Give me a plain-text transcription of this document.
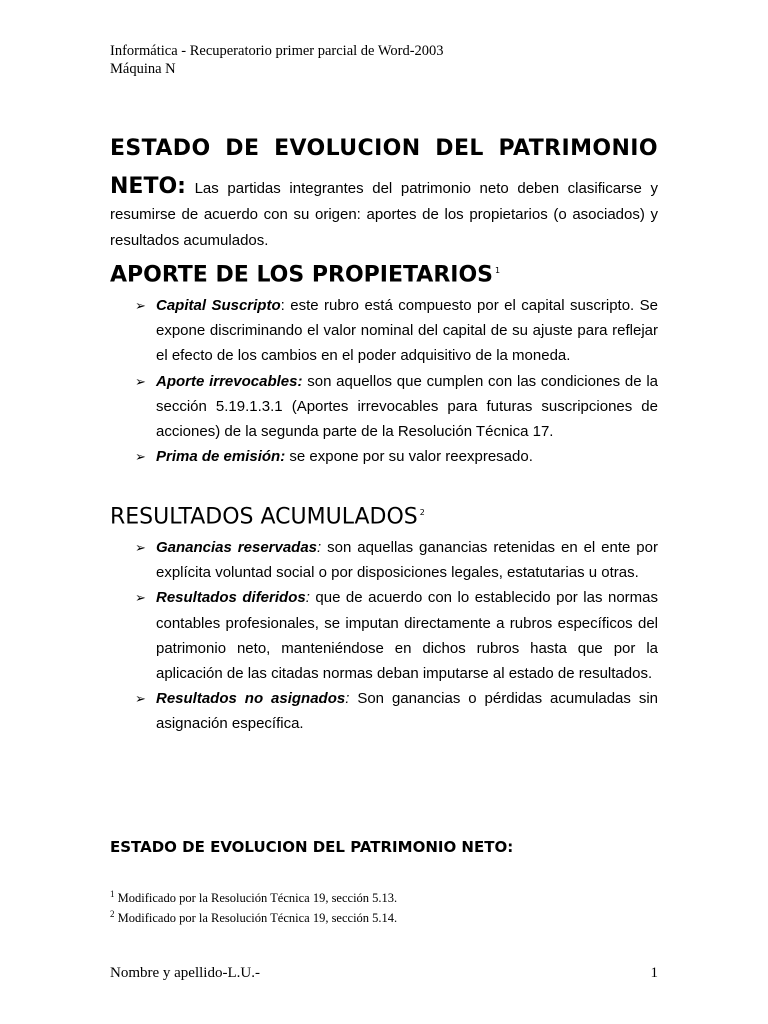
Informática - Recuperatorio primer parcial de Word-2003
Máquina N
ESTADO DE EVOLUCION DEL PATRIMONIO
NETO: Las partidas integrantes del patrimonio neto deben clasificarse y resumirse de acuerdo con su origen: aportes de los propietarios (o asociados) y resultados acumulados.
APORTE DE LOS PROPIETARIOS $^1$
➢ Capital Suscripto: este rubro está compuesto por el capital suscripto. Se expone discriminando el valor nominal del capital de su ajuste para reflejar el efecto de los cambios en el poder adquisitivo de la moneda.
➢ Aporte irrevocables: son aquellos que cumplen con las condiciones de la sección 5.19.1.3.1 (Aportes irrevocables para futuras suscripciones de acciones) de la segunda parte de la Resolución Técnica 17.
➢ Prima de emisión: se expone por su valor reexpresado.
RESULTADOS ACUMULADOS $^2$
➢ Ganancias reservadas: son aquellas ganancias retenidas en el ente por explícita voluntad social o por disposiciones legales, estatutarias u otras.
➢ Resultados diferidos: que de acuerdo con lo establecido por las normas contables profesionales, se imputan directamente a rubros específicos del patrimonio neto, manteniéndose en dichos rubros hasta que por la aplicación de las citadas normas deban imputarse al estado de resultados.
➢ Resultados no asignados: Son ganancias o pérdidas acumuladas sin asignación específica.
ESTADO DE EVOLUCION DEL PATRIMONIO NETO:
$^1$ Modificado por la Resolución Técnica 19, sección 5.13.
$^2$ Modificado por la Resolución Técnica 19, sección 5.14.
Nombre y apellido-L.U.-	1
